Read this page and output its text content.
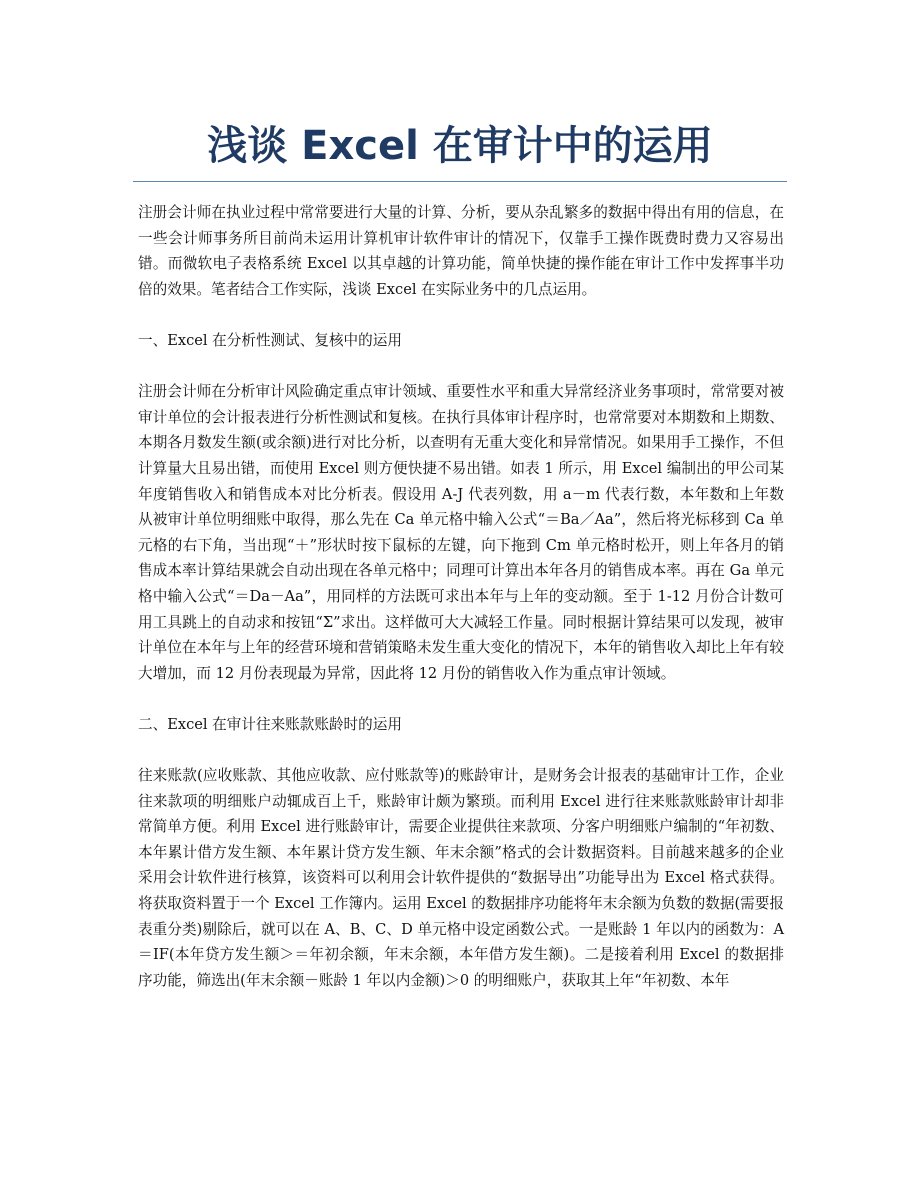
浅谈 Excel 在审计中的运用

注册会计师在执业过程中常常要进行大量的计算、分析，要从杂乱繁多的数据中得出有用的信息，在一些会计师事务所目前尚未运用计算机审计软件审计的情况下，仅靠手工操作既费时费力又容易出错。而微软电子表格系统 Excel 以其卓越的计算功能，简单快捷的操作能在审计工作中发挥事半功倍的效果。笔者结合工作实际，浅谈 Excel 在实际业务中的几点运用。

一、Excel 在分析性测试、复核中的运用

注册会计师在分析审计风险确定重点审计领域、重要性水平和重大异常经济业务事项时，常常要对被审计单位的会计报表进行分析性测试和复核。在执行具体审计程序时，也常常要对本期数和上期数、本期各月数发生额(或余额)进行对比分析，以查明有无重大变化和异常情况。如果用手工操作，不但计算量大且易出错，而使用 Excel 则方便快捷不易出错。如表 1 所示，用 Excel 编制出的甲公司某年度销售收入和销售成本对比分析表。假设用 A-J 代表列数，用 a－m 代表行数，本年数和上年数从被审计单位明细账中取得，那么先在 Ca 单元格中输入公式“＝Ba／Aa”，然后将光标移到 Ca 单元格的右下角，当出现“＋”形状时按下鼠标的左键，向下拖到 Cm 单元格时松开，则上年各月的销售成本率计算结果就会自动出现在各单元格中；同理可计算出本年各月的销售成本率。再在 Ga 单元格中输入公式“＝Da－Aa”，用同样的方法既可求出本年与上年的变动额。至于 1-12 月份合计数可用工具跳上的自动求和按钮“Σ”求出。这样做可大大减轻工作量。同时根据计算结果可以发现，被审计单位在本年与上年的经营环境和营销策略未发生重大变化的情况下，本年的销售收入却比上年有较大增加，而 12 月份表现最为异常，因此将 12 月份的销售收入作为重点审计领域。

二、Excel 在审计往来账款账龄时的运用

往来账款(应收账款、其他应收款、应付账款等)的账龄审计，是财务会计报表的基础审计工作，企业往来款项的明细账户动辄成百上千，账龄审计颇为繁琐。而利用 Excel 进行往来账款账龄审计却非常简单方便。利用 Excel 进行账龄审计，需要企业提供往来款项、分客户明细账户编制的“年初数、本年累计借方发生额、本年累计贷方发生额、年末余额”格式的会计数据资料。目前越来越多的企业采用会计软件进行核算，该资料可以利用会计软件提供的“数据导出”功能导出为 Excel 格式获得。将获取资料置于一个 Excel 工作簿内。运用 Excel 的数据排序功能将年末余额为负数的数据(需要报表重分类)剔除后，就可以在 A、B、C、D 单元格中设定函数公式。一是账龄 1 年以内的函数为：A＝IF(本年贷方发生额＞＝年初余额，年末余额，本年借方发生额)。二是接着利用 Excel 的数据排序功能，筛选出(年末余额－账龄 1 年以内金额)＞0 的明细账户，获取其上年“年初数、本年
